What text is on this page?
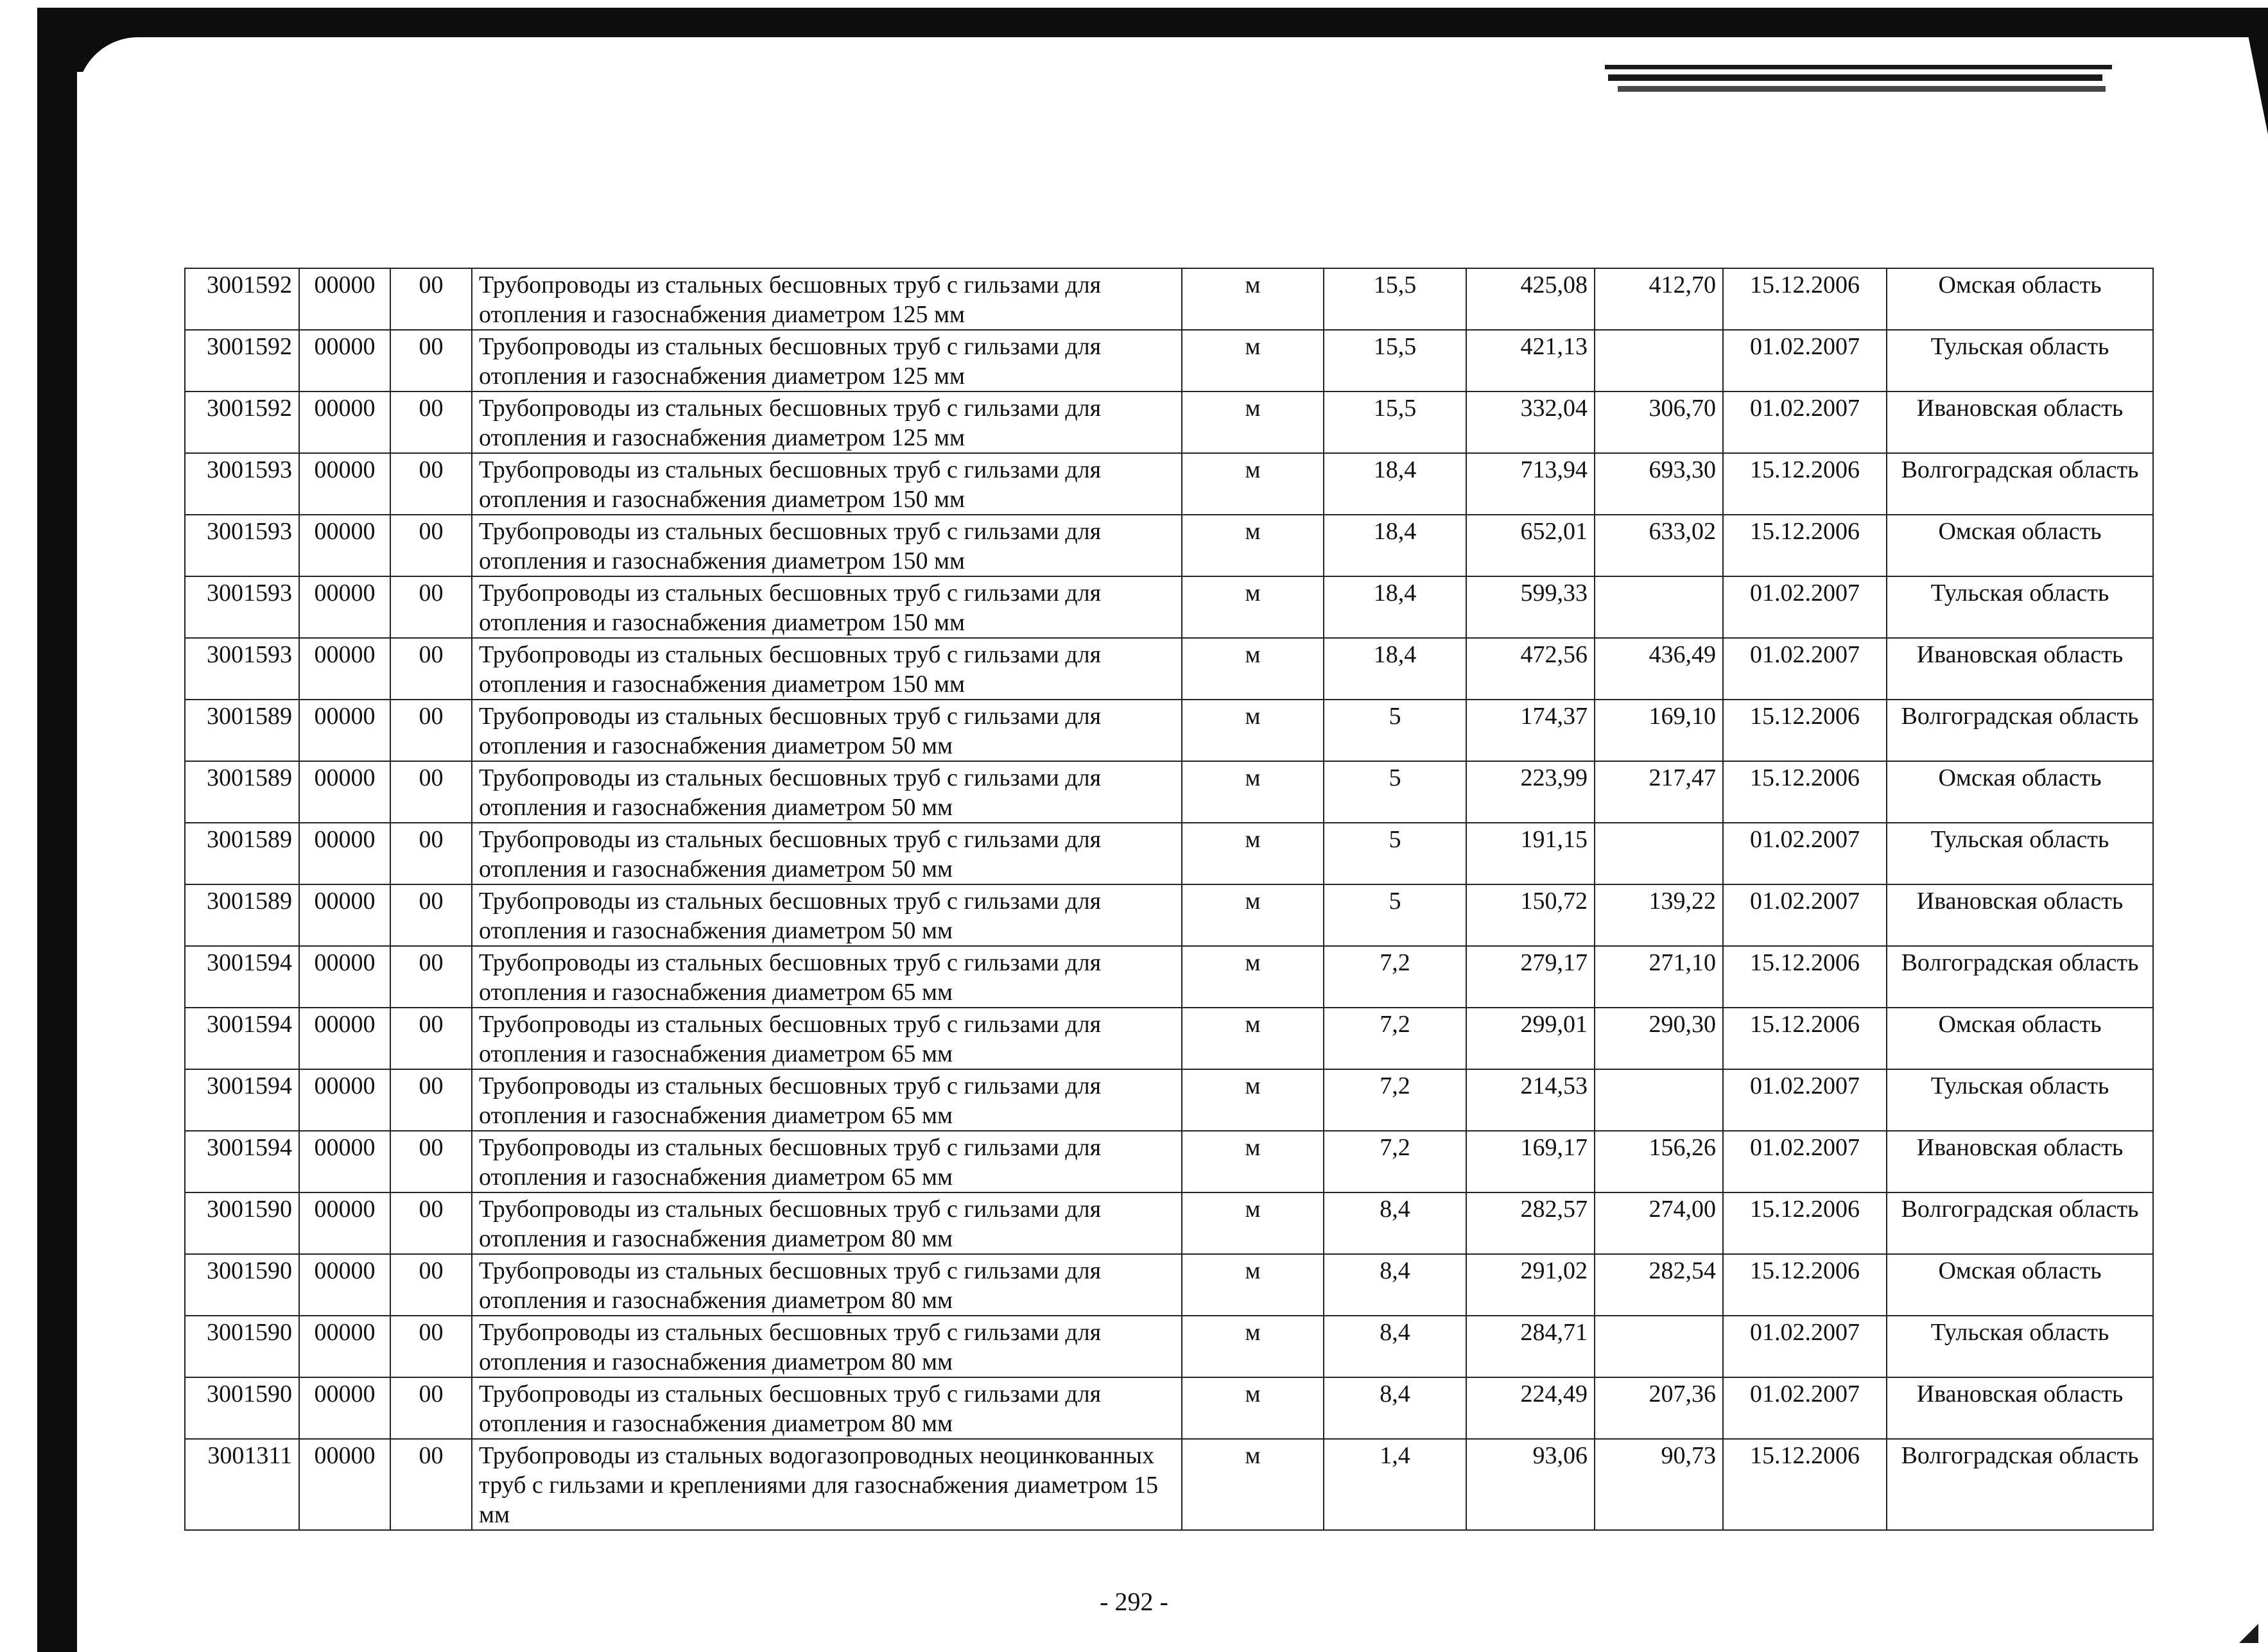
3001592	00000	00	Трубопроводы из стальных бесшовных труб с гильзами для отопления и газоснабжения диаметром 125 мм	м	15,5	425,08	412,70	15.12.2006	Омская область
3001592	00000	00	Трубопроводы из стальных бесшовных труб с гильзами для отопления и газоснабжения диаметром 125 мм	м	15,5	421,13		01.02.2007	Тульская область
3001592	00000	00	Трубопроводы из стальных бесшовных труб с гильзами для отопления и газоснабжения диаметром 125 мм	м	15,5	332,04	306,70	01.02.2007	Ивановская область
3001593	00000	00	Трубопроводы из стальных бесшовных труб с гильзами для отопления и газоснабжения диаметром 150 мм	м	18,4	713,94	693,30	15.12.2006	Волгоградская область
3001593	00000	00	Трубопроводы из стальных бесшовных труб с гильзами для отопления и газоснабжения диаметром 150 мм	м	18,4	652,01	633,02	15.12.2006	Омская область
3001593	00000	00	Трубопроводы из стальных бесшовных труб с гильзами для отопления и газоснабжения диаметром 150 мм	м	18,4	599,33		01.02.2007	Тульская область
3001593	00000	00	Трубопроводы из стальных бесшовных труб с гильзами для отопления и газоснабжения диаметром 150 мм	м	18,4	472,56	436,49	01.02.2007	Ивановская область
3001589	00000	00	Трубопроводы из стальных бесшовных труб с гильзами для отопления и газоснабжения диаметром 50 мм	м	5	174,37	169,10	15.12.2006	Волгоградская область
3001589	00000	00	Трубопроводы из стальных бесшовных труб с гильзами для отопления и газоснабжения диаметром 50 мм	м	5	223,99	217,47	15.12.2006	Омская область
3001589	00000	00	Трубопроводы из стальных бесшовных труб с гильзами для отопления и газоснабжения диаметром 50 мм	м	5	191,15		01.02.2007	Тульская область
3001589	00000	00	Трубопроводы из стальных бесшовных труб с гильзами для отопления и газоснабжения диаметром 50 мм	м	5	150,72	139,22	01.02.2007	Ивановская область
3001594	00000	00	Трубопроводы из стальных бесшовных труб с гильзами для отопления и газоснабжения диаметром 65 мм	м	7,2	279,17	271,10	15.12.2006	Волгоградская область
3001594	00000	00	Трубопроводы из стальных бесшовных труб с гильзами для отопления и газоснабжения диаметром 65 мм	м	7,2	299,01	290,30	15.12.2006	Омская область
3001594	00000	00	Трубопроводы из стальных бесшовных труб с гильзами для отопления и газоснабжения диаметром 65 мм	м	7,2	214,53		01.02.2007	Тульская область
3001594	00000	00	Трубопроводы из стальных бесшовных труб с гильзами для отопления и газоснабжения диаметром 65 мм	м	7,2	169,17	156,26	01.02.2007	Ивановская область
3001590	00000	00	Трубопроводы из стальных бесшовных труб с гильзами для отопления и газоснабжения диаметром 80 мм	м	8,4	282,57	274,00	15.12.2006	Волгоградская область
3001590	00000	00	Трубопроводы из стальных бесшовных труб с гильзами для отопления и газоснабжения диаметром 80 мм	м	8,4	291,02	282,54	15.12.2006	Омская область
3001590	00000	00	Трубопроводы из стальных бесшовных труб с гильзами для отопления и газоснабжения диаметром 80 мм	м	8,4	284,71		01.02.2007	Тульская область
3001590	00000	00	Трубопроводы из стальных бесшовных труб с гильзами для отопления и газоснабжения диаметром 80 мм	м	8,4	224,49	207,36	01.02.2007	Ивановская область
3001311	00000	00	Трубопроводы из стальных водогазопроводных неоцинкованных труб с гильзами и креплениями для газоснабжения диаметром 15 мм	м	1,4	93,06	90,73	15.12.2006	Волгоградская область
- 292 -
